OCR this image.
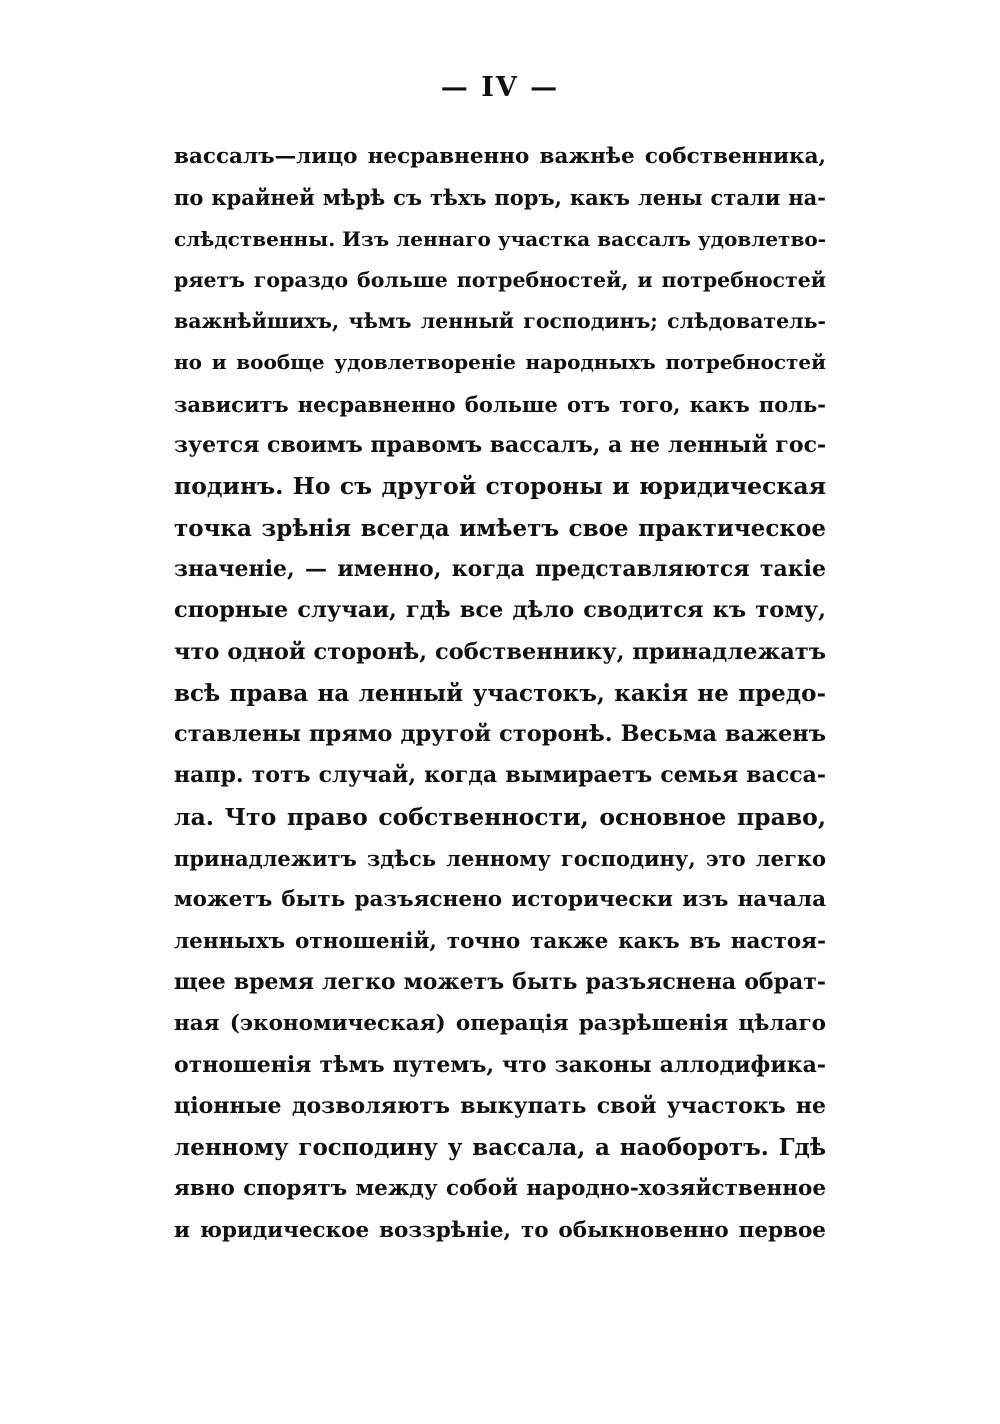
— IV —
вассалъ—лицо несравненно важнѣе собственника,
по крайней мѣрѣ съ тѣхъ поръ, какъ лены стали на-
слѣдственны. Изъ леннаго участка вассалъ удовлетво-
ряетъ гораздо больше потребностей, и потребностей
важнѣйшихъ, чѣмъ ленный господинъ; слѣдователь-
но и вообще удовлетвореніе народныхъ потребностей
зависитъ несравненно больше отъ того, какъ поль-
зуется своимъ правомъ вассалъ, а не ленный гос-
подинъ. Но съ другой стороны и юридическая
точка зрѣнія всегда имѣетъ свое практическое
значеніе, — именно, когда представляются такіе
спорные случаи, гдѣ все дѣло сводится къ тому,
что одной сторонѣ, собственнику, принадлежатъ
всѣ права на ленный участокъ, какія не предо-
ставлены прямо другой сторонѣ. Весьма важенъ
напр. тотъ случай, когда вымираетъ семья васса-
ла. Что право собственности, основное право,
принадлежитъ здѣсь ленному господину, это легко
можетъ быть разъяснено исторически изъ начала
ленныхъ отношеній, точно также какъ въ настоя-
щее время легко можетъ быть разъяснена обрат-
ная (экономическая) операція разрѣшенія цѣлаго
отношенія тѣмъ путемъ, что законы аллодифика-
ціонные дозволяютъ выкупать свой участокъ не
ленному господину у вассала, а наоборотъ. Гдѣ
явно спорятъ между собой народно-хозяйственное
и юридическое воззрѣніе, то обыкновенно первое
